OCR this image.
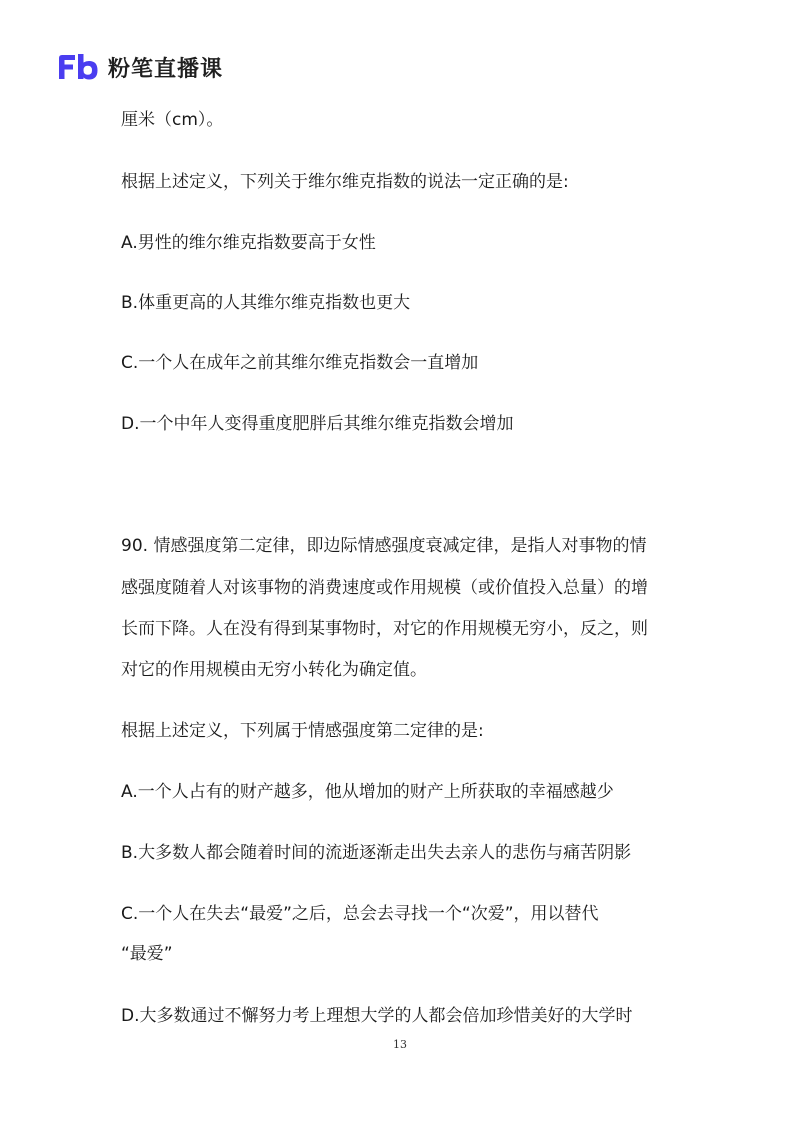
粉笔直播课
厘米（cm）。
根据上述定义，下列关于维尔维克指数的说法一定正确的是:
A.男性的维尔维克指数要高于女性
B.体重更高的人其维尔维克指数也更大
C.一个人在成年之前其维尔维克指数会一直增加
D.一个中年人变得重度肥胖后其维尔维克指数会增加
90. 情感强度第二定律，即边际情感强度衰减定律，是指人对事物的情
感强度随着人对该事物的消费速度或作用规模（或价值投入总量）的增
长而下降。人在没有得到某事物时，对它的作用规模无穷小，反之，则
对它的作用规模由无穷小转化为确定值。
根据上述定义，下列属于情感强度第二定律的是:
A.一个人占有的财产越多，他从增加的财产上所获取的幸福感越少
B.大多数人都会随着时间的流逝逐渐走出失去亲人的悲伤与痛苦阴影
C.一个人在失去“最爱”之后，总会去寻找一个“次爱”，用以替代
“最爱”
D.大多数通过不懈努力考上理想大学的人都会倍加珍惜美好的大学时
13
